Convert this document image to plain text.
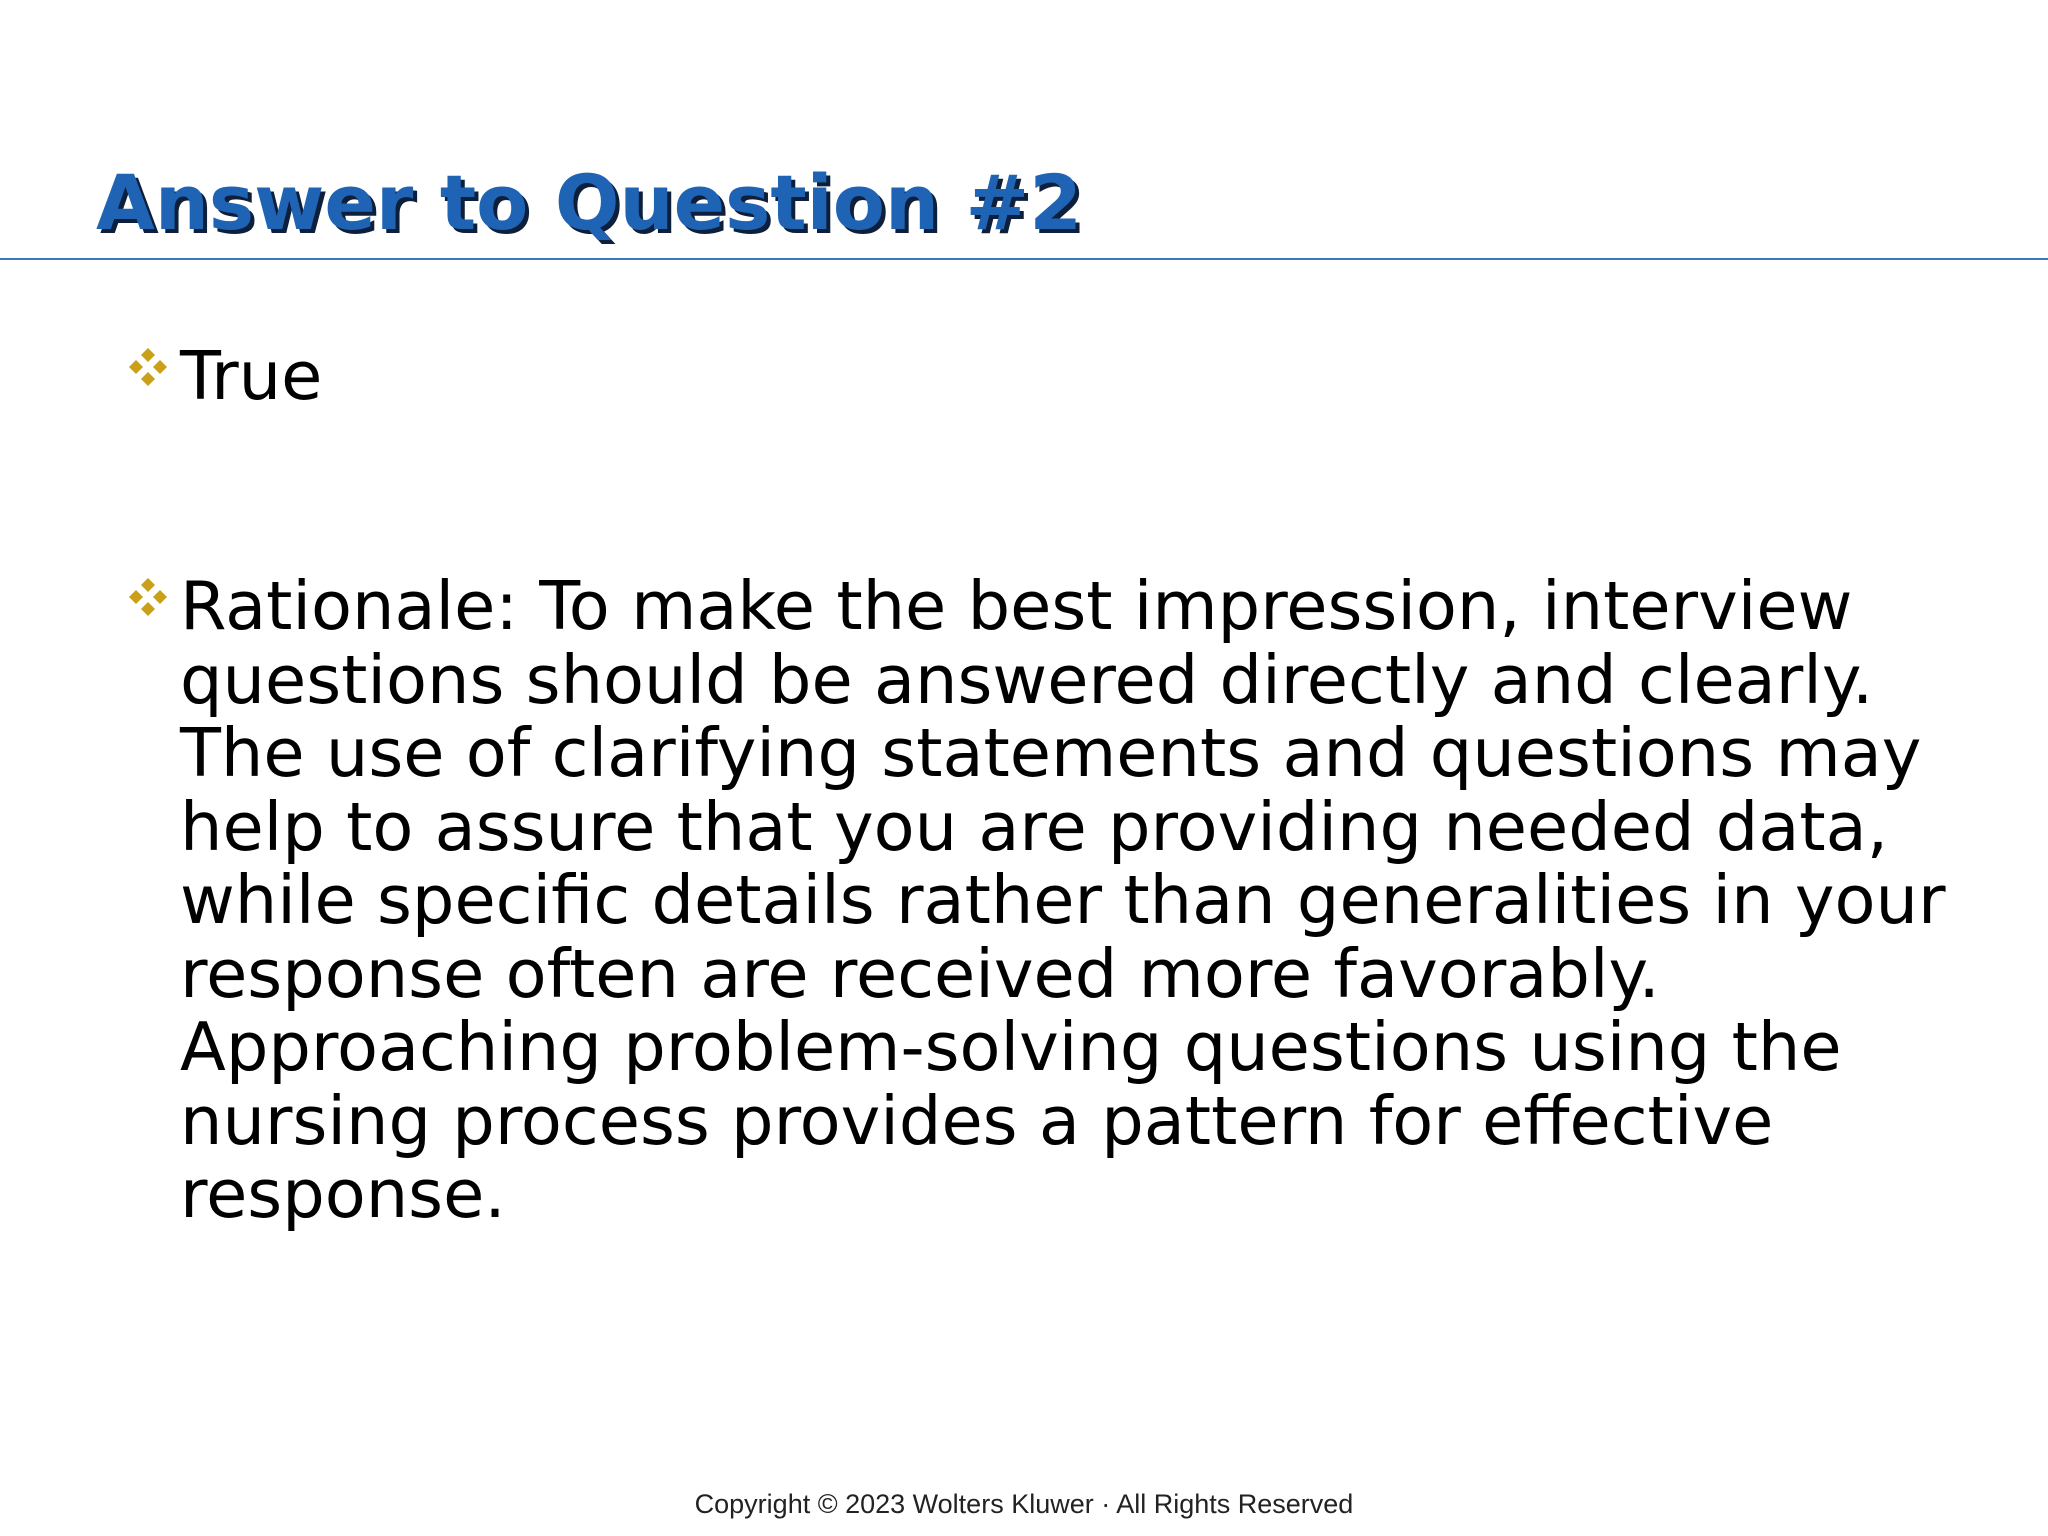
Answer to Question #2
True
Rationale: To make the best impression, interview questions should be answered directly and clearly. The use of clarifying statements and questions may help to assure that you are providing needed data, while specific details rather than generalities in your response often are received more favorably. Approaching problem-solving questions using the nursing process provides a pattern for effective response.
Copyright © 2023 Wolters Kluwer · All Rights Reserved
